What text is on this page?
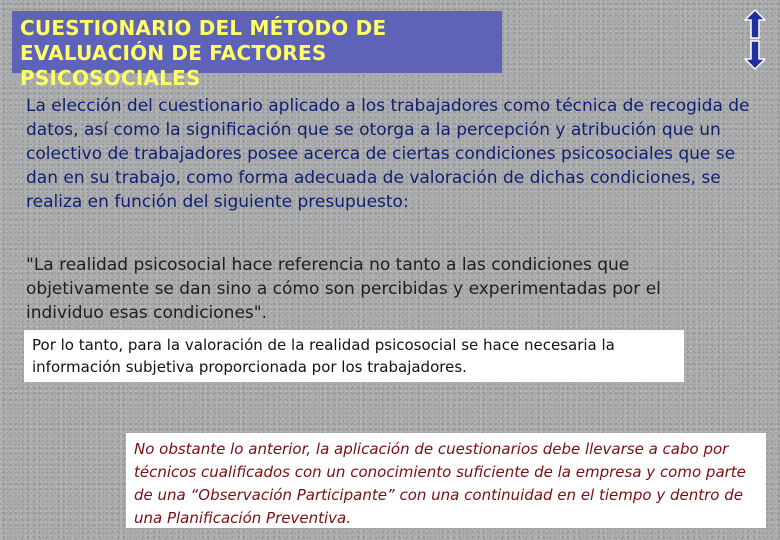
CUESTIONARIO DEL MÉTODO DE
EVALUACIÓN DE FACTORES PSICOSOCIALES
La elección del cuestionario aplicado a los trabajadores como técnica de recogida de datos, así como la significación que se otorga a la percepción y atribución que un colectivo de trabajadores posee acerca de ciertas condiciones psicosociales que se dan en su trabajo, como forma adecuada de valoración de dichas condiciones, se realiza en función del siguiente presupuesto:
"La realidad psicosocial hace referencia no tanto a las condiciones que objetivamente se dan sino a cómo son percibidas y experimentadas por el individuo esas condiciones".
Por lo tanto, para la valoración de la realidad psicosocial se hace necesaria la información subjetiva proporcionada por los trabajadores.
No obstante lo anterior, la aplicación de cuestionarios debe llevarse a cabo por técnicos cualificados con un conocimiento suficiente de la empresa y como parte de una “Observación Participante” con una continuidad en el tiempo y dentro de una Planificación Preventiva.
